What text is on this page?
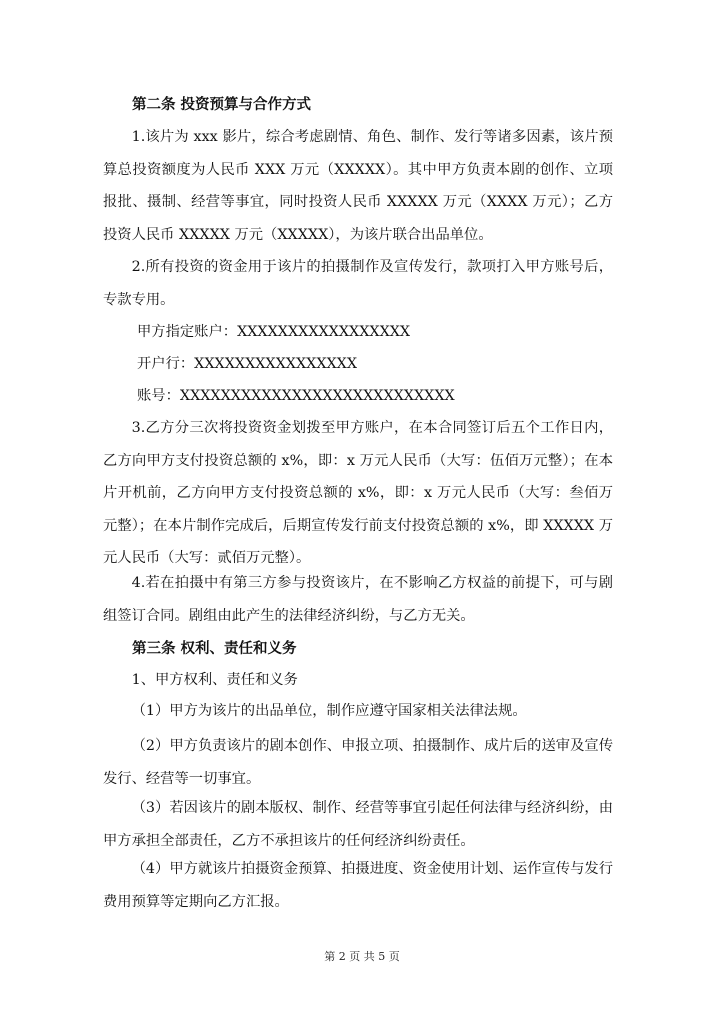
第二条 投资预算与合作方式
1.该片为 xxx 影片，综合考虑剧情、角色、制作、发行等诸多因素，该片预算总投资额度为人民币 XXX 万元（XXXXX）。其中甲方负责本剧的创作、立项报批、摄制、经营等事宜，同时投资人民币 XXXXX 万元（XXXX 万元）；乙方投资人民币 XXXXX 万元（XXXXX），为该片联合出品单位。
2.所有投资的资金用于该片的拍摄制作及宣传发行，款项打入甲方账号后，专款专用。
甲方指定账户：XXXXXXXXXXXXXXXXX
开户行：XXXXXXXXXXXXXXXX
账号：XXXXXXXXXXXXXXXXXXXXXXXXXXX
3.乙方分三次将投资资金划拨至甲方账户，在本合同签订后五个工作日内，乙方向甲方支付投资总额的 x%，即：x 万元人民币（大写：伍佰万元整）；在本片开机前，乙方向甲方支付投资总额的 x%，即：x 万元人民币（大写：叁佰万元整）；在本片制作完成后，后期宣传发行前支付投资总额的 x%，即 XXXXX 万元人民币（大写：贰佰万元整）。
4.若在拍摄中有第三方参与投资该片，在不影响乙方权益的前提下，可与剧组签订合同。剧组由此产生的法律经济纠纷，与乙方无关。
第三条 权利、责任和义务
1、甲方权利、责任和义务
（1）甲方为该片的出品单位，制作应遵守国家相关法律法规。
（2）甲方负责该片的剧本创作、申报立项、拍摄制作、成片后的送审及宣传发行、经营等一切事宜。
（3）若因该片的剧本版权、制作、经营等事宜引起任何法律与经济纠纷，由甲方承担全部责任，乙方不承担该片的任何经济纠纷责任。
（4）甲方就该片拍摄资金预算、拍摄进度、资金使用计划、运作宣传与发行费用预算等定期向乙方汇报。
第 2 页 共 5 页
